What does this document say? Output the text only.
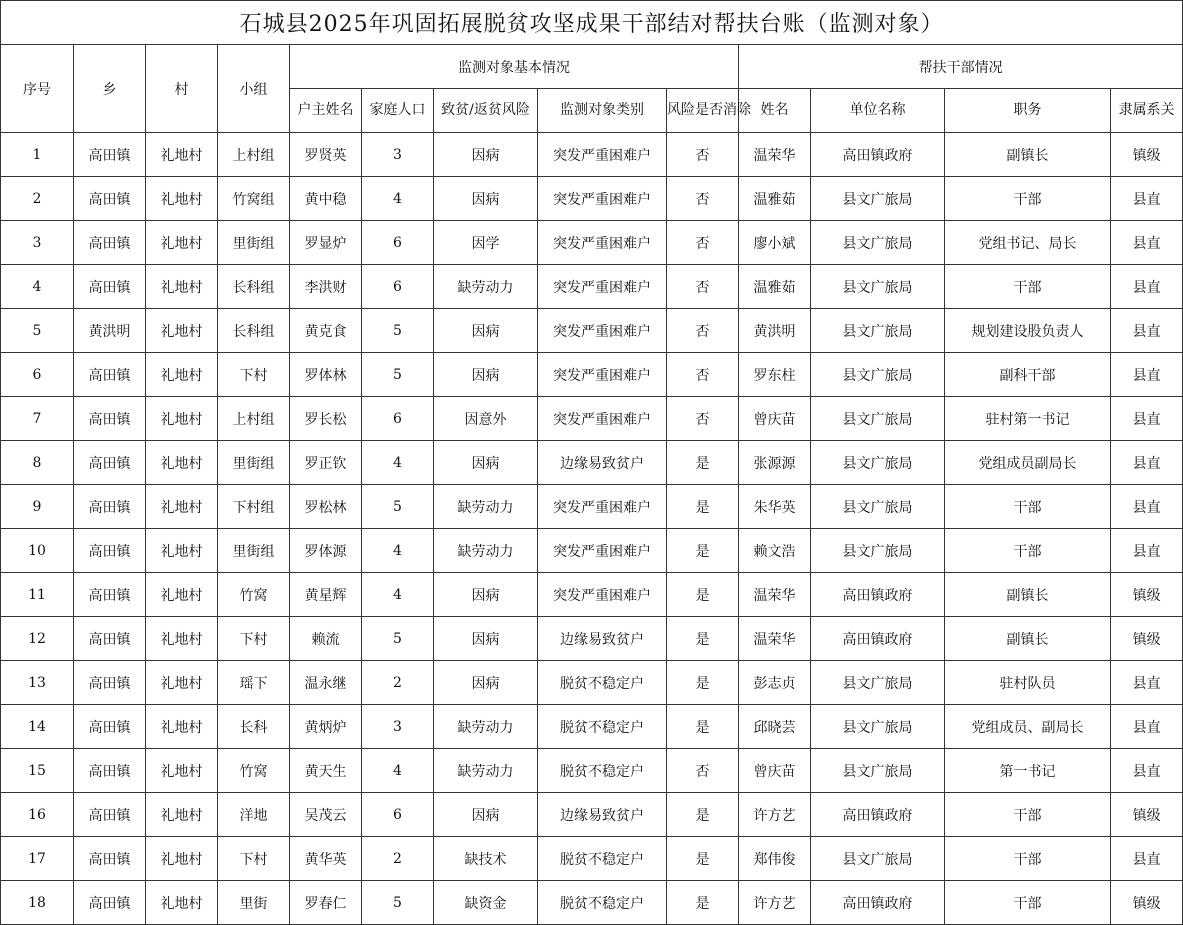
石城县2025年巩固拓展脱贫攻坚成果干部结对帮扶台账（监测对象）												
序号	乡	村	小组	监测对象基本情况					帮扶干部情况			
				户主姓名	家庭人口	致贫/返贫风险	监测对象类别	风险是否消除	姓名	单位名称	职务	隶属系关
1	高田镇	礼地村	上村组	罗贤英	3	因病	突发严重困难户	否	温荣华	高田镇政府	副镇长	镇级
2	高田镇	礼地村	竹窝组	黄中稳	4	因病	突发严重困难户	否	温雅茹	县文广旅局	干部	县直
3	高田镇	礼地村	里街组	罗显炉	6	因学	突发严重困难户	否	廖小斌	县文广旅局	党组书记、局长	县直
4	高田镇	礼地村	长科组	李洪财	6	缺劳动力	突发严重困难户	否	温雅茹	县文广旅局	干部	县直
5	黄洪明	礼地村	长科组	黄克食	5	因病	突发严重困难户	否	黄洪明	县文广旅局	规划建设股负责人	县直
6	高田镇	礼地村	下村	罗体林	5	因病	突发严重困难户	否	罗东柱	县文广旅局	副科干部	县直
7	高田镇	礼地村	上村组	罗长松	6	因意外	突发严重困难户	否	曾庆苗	县文广旅局	驻村第一书记	县直
8	高田镇	礼地村	里街组	罗正钦	4	因病	边缘易致贫户	是	张源源	县文广旅局	党组成员副局长	县直
9	高田镇	礼地村	下村组	罗松林	5	缺劳动力	突发严重困难户	是	朱华英	县文广旅局	干部	县直
10	高田镇	礼地村	里街组	罗体源	4	缺劳动力	突发严重困难户	是	赖文浩	县文广旅局	干部	县直
11	高田镇	礼地村	竹窝	黄星辉	4	因病	突发严重困难户	是	温荣华	高田镇政府	副镇长	镇级
12	高田镇	礼地村	下村	赖流	5	因病	边缘易致贫户	是	温荣华	高田镇政府	副镇长	镇级
13	高田镇	礼地村	瑶下	温永继	2	因病	脱贫不稳定户	是	彭志贞	县文广旅局	驻村队员	县直
14	高田镇	礼地村	长科	黄炳炉	3	缺劳动力	脱贫不稳定户	是	邱晓芸	县文广旅局	党组成员、副局长	县直
15	高田镇	礼地村	竹窝	黄天生	4	缺劳动力	脱贫不稳定户	否	曾庆苗	县文广旅局	第一书记	县直
16	高田镇	礼地村	洋地	吴茂云	6	因病	边缘易致贫户	是	许方艺	高田镇政府	干部	镇级
17	高田镇	礼地村	下村	黄华英	2	缺技术	脱贫不稳定户	是	郑伟俊	县文广旅局	干部	县直
18	高田镇	礼地村	里街	罗春仁	5	缺资金	脱贫不稳定户	是	许方艺	高田镇政府	干部	镇级
